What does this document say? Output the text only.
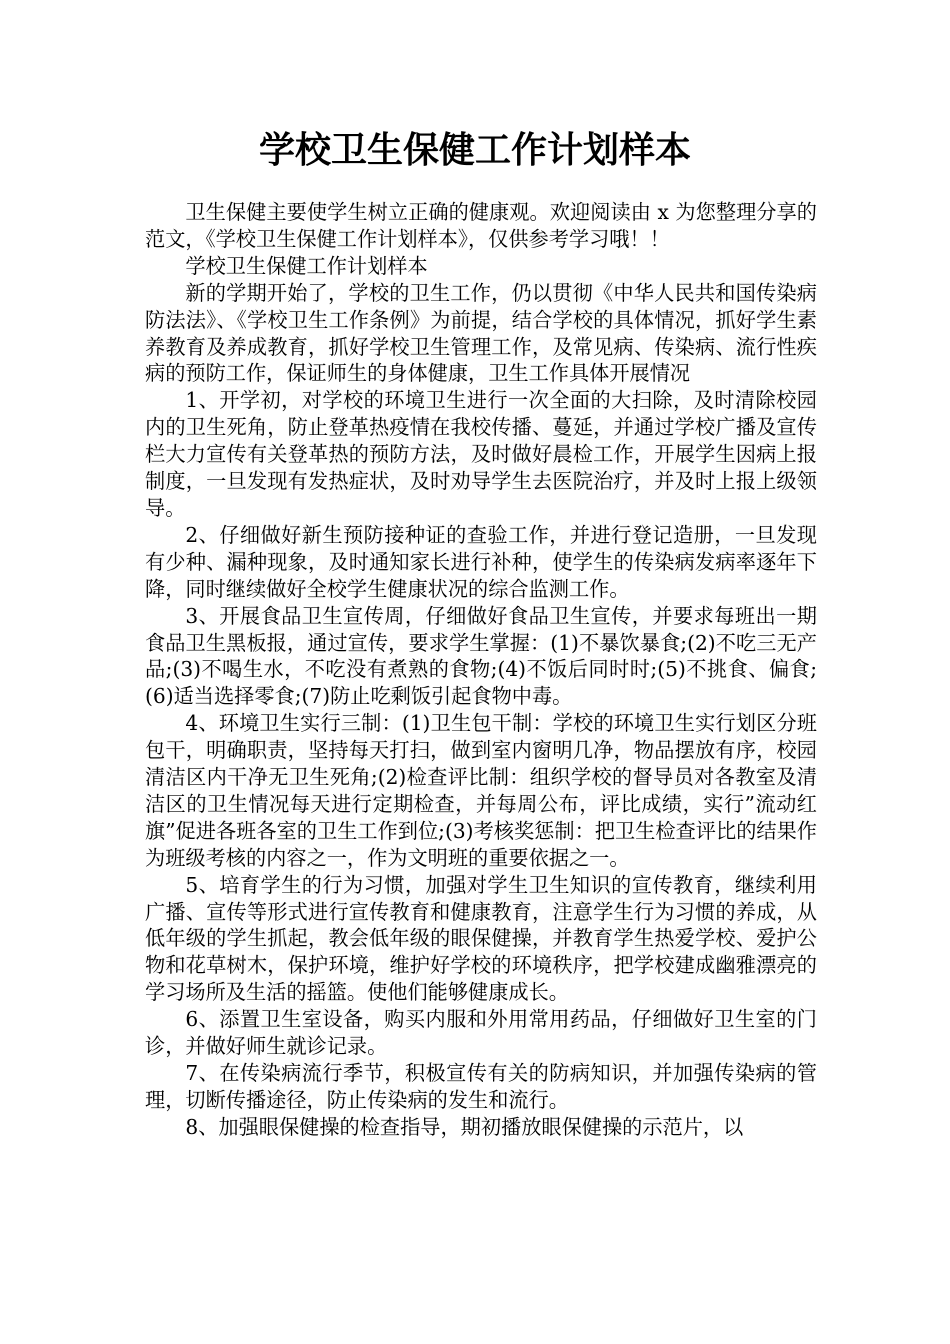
学校卫生保健工作计划样本

卫生保健主要使学生树立正确的健康观。欢迎阅读由 x 为您整理分享的范文，《学校卫生保健工作计划样本》，仅供参考学习哦！！

学校卫生保健工作计划样本

新的学期开始了，学校的卫生工作，仍以贯彻《中华人民共和国传染病防法法》、《学校卫生工作条例》为前提，结合学校的具体情况，抓好学生素养教育及养成教育，抓好学校卫生管理工作，及常见病、传染病、流行性疾病的预防工作，保证师生的身体健康，卫生工作具体开展情况

1、开学初，对学校的环境卫生进行一次全面的大扫除，及时清除校园内的卫生死角，防止登革热疫情在我校传播、蔓延，并通过学校广播及宣传栏大力宣传有关登革热的预防方法，及时做好晨检工作，开展学生因病上报制度，一旦发现有发热症状，及时劝导学生去医院治疗，并及时上报上级领导。

2、仔细做好新生预防接种证的查验工作，并进行登记造册，一旦发现有少种、漏种现象，及时通知家长进行补种，使学生的传染病发病率逐年下降，同时继续做好全校学生健康状况的综合监测工作。

3、开展食品卫生宣传周，仔细做好食品卫生宣传，并要求每班出一期食品卫生黑板报，通过宣传，要求学生掌握：(1)不暴饮暴食;(2)不吃三无产品;(3)不喝生水，不吃没有煮熟的食物;(4)不饭后同时时;(5)不挑食、偏食;(6)适当选择零食;(7)防止吃剩饭引起食物中毒。

4、环境卫生实行三制：(1)卫生包干制：学校的环境卫生实行划区分班包干，明确职责，坚持每天打扫，做到室内窗明几净，物品摆放有序，校园清洁区内干净无卫生死角;(2)检查评比制：组织学校的督导员对各教室及清洁区的卫生情况每天进行定期检查，并每周公布，评比成绩，实行”流动红旗”促进各班各室的卫生工作到位;(3)考核奖惩制：把卫生检查评比的结果作为班级考核的内容之一，作为文明班的重要依据之一。

5、培育学生的行为习惯，加强对学生卫生知识的宣传教育，继续利用广播、宣传等形式进行宣传教育和健康教育，注意学生行为习惯的养成，从低年级的学生抓起，教会低年级的眼保健操，并教育学生热爱学校、爱护公物和花草树木，保护环境，维护好学校的环境秩序，把学校建成幽雅漂亮的学习场所及生活的摇篮。使他们能够健康成长。

6、添置卫生室设备，购买内服和外用常用药品，仔细做好卫生室的门诊，并做好师生就诊记录。

7、在传染病流行季节，积极宣传有关的防病知识，并加强传染病的管理，切断传播途径，防止传染病的发生和流行。

8、加强眼保健操的检查指导，期初播放眼保健操的示范片，以
